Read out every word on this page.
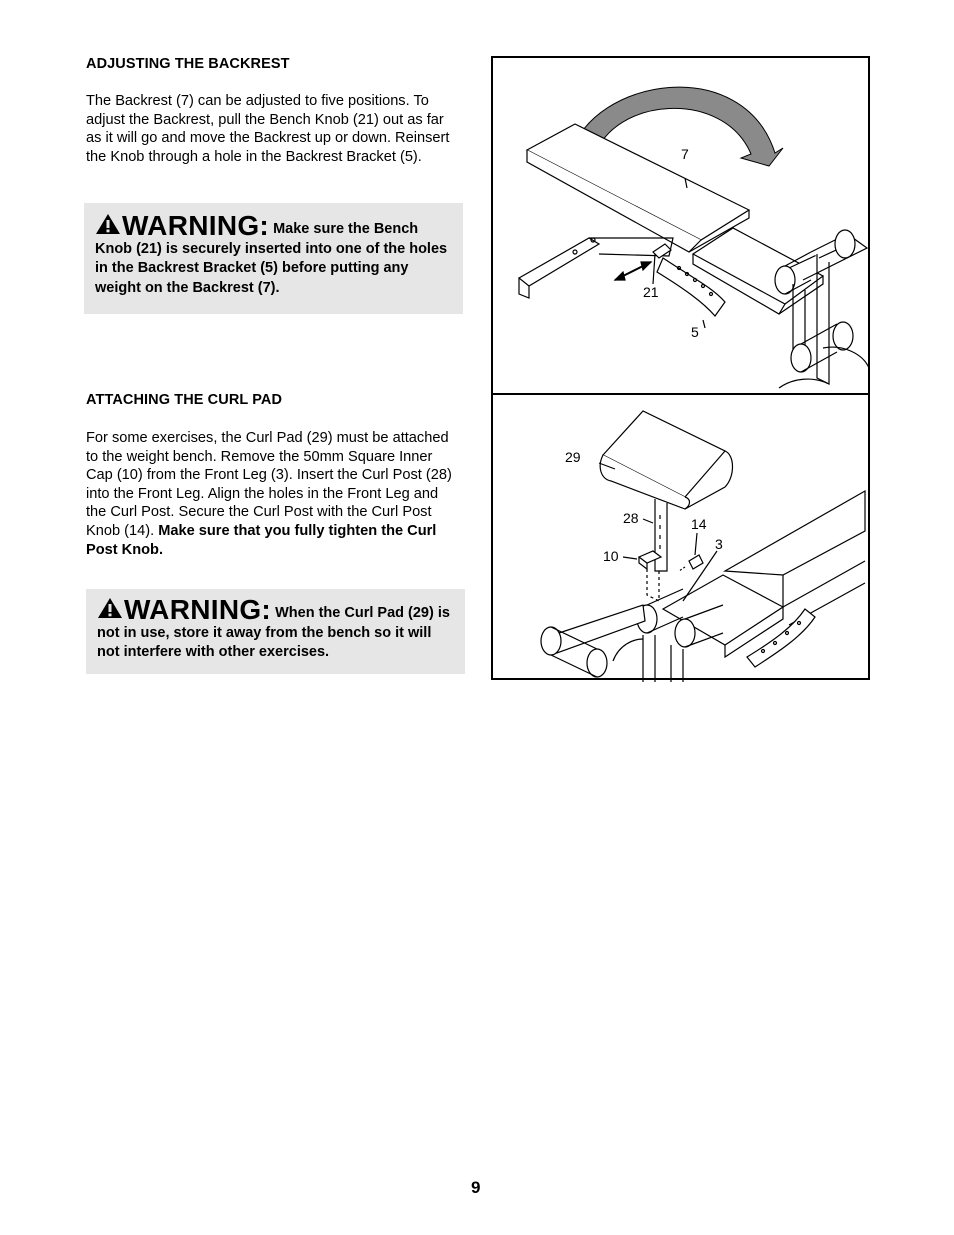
ADJUSTING THE BACKREST
The Backrest (7) can be adjusted to five positions. To adjust the Backrest, pull the Bench Knob (21) out as far as it will go and move the Backrest up or down. Reinsert the Knob through a hole in the Backrest Bracket (5).
WARNING: Make sure the Bench Knob (21) is securely inserted into one of the holes in the Backrest Bracket (5) before putting any weight on the Backrest (7).
ATTACHING THE CURL PAD
For some exercises, the Curl Pad (29) must be attached to the weight bench. Remove the 50mm Square Inner Cap (10) from the Front Leg (3). Insert the Curl Post (28) into the Front Leg. Align the holes in the Front Leg and the Curl Post. Secure the Curl Post with the Curl Post Knob (14). Make sure that you fully tighten the Curl Post Knob.
WARNING: When the Curl Pad (29) is not in use, store it away from the bench so it will not interfere with other exercises.
7
21
5
29
28	14
3
10
9
